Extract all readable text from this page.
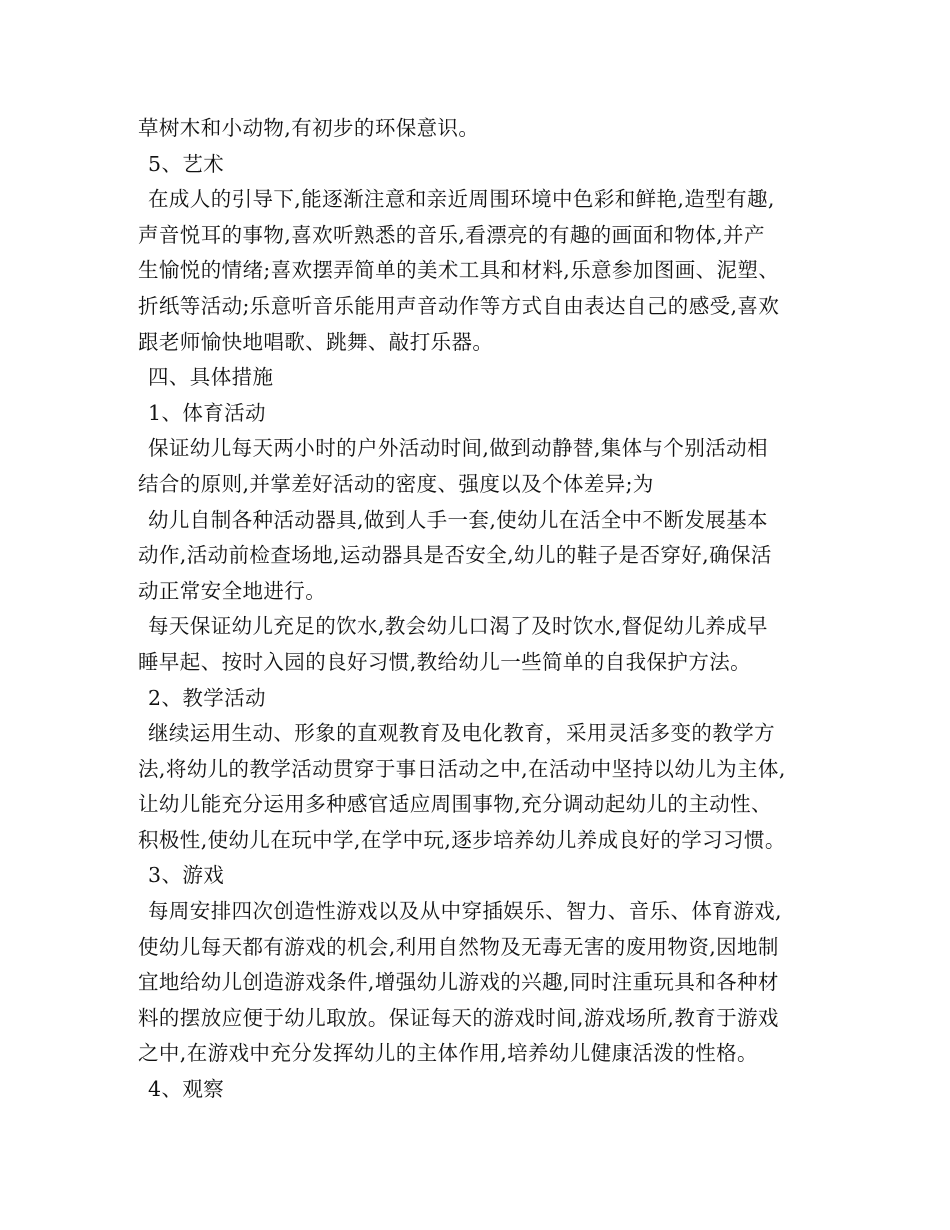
草树木和小动物,有初步的环保意识。
5、艺术
在成人的引导下,能逐渐注意和亲近周围环境中色彩和鲜艳,造型有趣,
声音悦耳的事物,喜欢听熟悉的音乐,看漂亮的有趣的画面和物体,并产
生愉悦的情绪;喜欢摆弄简单的美术工具和材料,乐意参加图画、泥塑、
折纸等活动;乐意听音乐能用声音动作等方式自由表达自己的感受,喜欢
跟老师愉快地唱歌、跳舞、敲打乐器。
四、具体措施
1、体育活动
保证幼儿每天两小时的户外活动时间,做到动静替,集体与个别活动相
结合的原则,并掌差好活动的密度、强度以及个体差异;为
幼儿自制各种活动器具,做到人手一套,使幼儿在活全中不断发展基本
动作,活动前检查场地,运动器具是否安全,幼儿的鞋子是否穿好,确保活
动正常安全地进行。
每天保证幼儿充足的饮水,教会幼儿口渴了及时饮水,督促幼儿养成早
睡早起、按时入园的良好习惯,教给幼儿一些简单的自我保护方法。
2、教学活动
继续运用生动、形象的直观教育及电化教育，采用灵活多变的教学方
法,将幼儿的教学活动贯穿于事日活动之中,在活动中坚持以幼儿为主体,
让幼儿能充分运用多种感官适应周围事物,充分调动起幼儿的主动性、
积极性,使幼儿在玩中学,在学中玩,逐步培养幼儿养成良好的学习习惯。
3、游戏
每周安排四次创造性游戏以及从中穿插娱乐、智力、音乐、体育游戏,
使幼儿每天都有游戏的机会,利用自然物及无毒无害的废用物资,因地制
宜地给幼儿创造游戏条件,增强幼儿游戏的兴趣,同时注重玩具和各种材
料的摆放应便于幼儿取放。保证每天的游戏时间,游戏场所,教育于游戏
之中,在游戏中充分发挥幼儿的主体作用,培养幼儿健康活泼的性格。
4、观察
